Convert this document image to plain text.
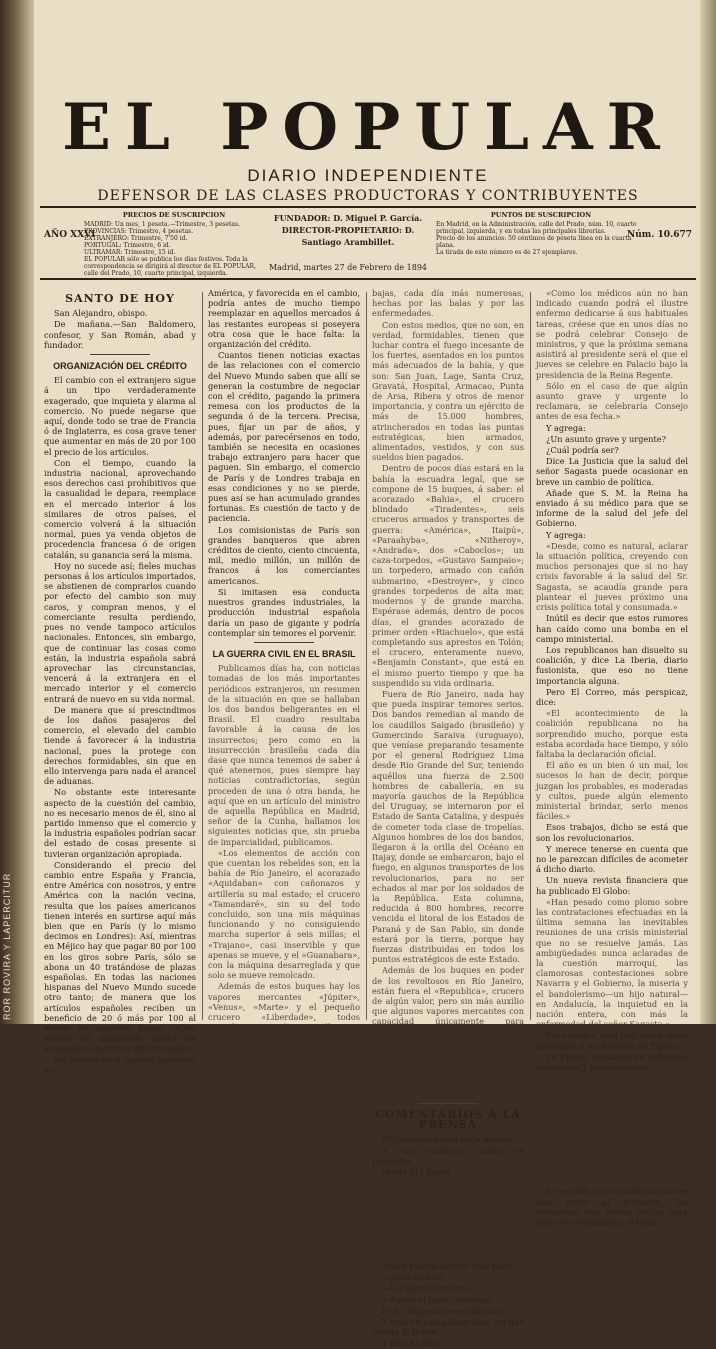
ROR ROVIRA Y LAPERCITUR
EL POPULAR
DIARIO INDEPENDIENTE
DEFENSOR DE LAS CLASES PRODUCTORAS Y CONTRIBUYENTES
AÑO XXVI
PRECIOS DE SUSCRIPCION
MADRID: Un mes, 1 peseta.—Trimestre, 3 pesetas.
PROVINCIAS: Trimestre, 4 pesetas.
EXTRANJERO: Trimestre, 7'50 id.
PORTUGAL: Trimestre, 6 id.
ULTRAMAR: Trimestre, 15 id.
EL POPULAR sólo se publica los días festivos. Toda la correspondencia se dirigirá al director de EL POPULAR, calle del Prado, 10, cuarto principal, izquierda.
FUNDADOR: D. Miguel P. García.
DIRECTOR-PROPIETARIO: D. Santiago Arambillet.
Madrid, martes 27 de Febrero de 1894
PUNTOS DE SUSCRIPCION
En Madrid, en la Administración, calle del Prado, núm. 10, cuarto principal, izquierda, y en todas las principales librerías.
Precio de los anuncios: 50 céntimos de peseta línea en la cuarta plana.
La tirada de este número es de 27 ejemplares.
Núm. 10.677
SANTO DE HOY

San Alejandro, obispo.

De mañana.—San Baldomero, confesor, y San Román, abad y fundador.

ORGANIZACIÓN DEL CRÉDITO

El cambio con el extranjero sigue á un tipo verdaderamente exagerado, que inquieta y alarma al comercio. No puede negarse que aquí, donde todo se trae de Francia ó de Inglaterra, es cosa grave tener que aumentar en más de 20 por 100 el precio de los artículos.

Con el tiempo, cuando la industria nacional, aprovechando esos derechos casi prohibitivos que la casualidad le depara, reemplace en el mercado interior á los similares de otros países, el comercio volverá á la situación normal, pues ya venda objetos de procedencia francesa ó de origen catalán, su ganancia será la misma.

Hoy no sucede así; fieles muchas personas á los artículos importados, se abstienen de comprarlos cuando por efecto del cambio son muy caros, y compran menos, y el comerciante resulta perdiendo, pues no vende tampoco artículos nacionales. Entonces, sin embargo, que de continuar las cosas como están, la industria española sabrá aprovechar las circunstancias, vencerá á la extranjera en el mercado interior y el comercio entrará de nuevo en su vida normal.

De manera que sí prescindimos de los daños pasajeros del comercio, el elevado del cambio tiende á favorecer á la industria nacional, pues la protege con derechos formidables, sin que en ello intervenga para nada el arancel de aduanas.

No obstante este interesante aspecto de la cuestión del cambio, no es necesario menos de él, sino al partido inmenso que el comercio y la industria españoles podrían sacar del estado de cosas presente si tuvieran organización apropiada.

Considerando el precio del cambio entre España y Francia, entre América con nosotros, y entre América con la nación vecina, resulta que los países americanos tienen interés en surtirse aquí más bien que en París (y lo mismo decimos en Londres): Así, mientras en Méjico hay que pagar 80 por 100 en los giros sobre París, sólo se abona un 40 tratándose de plazas españolas. En todas las naciones hispanas del Nuevo Mundo sucede otro tanto; de manera que los artículos españoles reciben un beneficio de 20 ó más por 100 al entrar en aquellos países. ¿Qué nación ha disfrutado nunca de semejantes derechos diferenciales?

No tendría rival nuestra industria en

América, y favorecida en el cambio, podría antes de mucho tiempo reemplazar en aquellos mercados á las restantes europeas si poseyera otra cosa que le hace falta: la organización del crédito.

Cuantos tienen noticias exactas de las relaciones con el comercio del Nuevo Mundo saben que allí se generan la costumbre de negociar con el crédito, pagando la primera remesa con los productos de la segunda ó de la tercera. Precisa, pues, fijar un par de años, y además, por parecérsenos en todo, también se necesita en ocasiones trabajo extranjero para hacer que paguen. Sin embargo, el comercio de París y de Londres trabaja en esas condiciones y no se pierde, pues así se han acumulado grandes fortunas. Es cuestión de tacto y de paciencia.

Los comisionistas de París son grandes banqueros que abren créditos de ciento, ciento cincuenta, mil, medio millón, un millón de francos á los comerciantes americanos.

Si imitasen esa conducta nuestros grandes industriales, la producción industrial española daría un paso de gigante y podría contemplar sin temores el porvenir.

LA GUERRA CIVIL EN EL BRASIL

Publicamos días ha, con noticias tomadas de los más importantes periódicos extranjeros, un resumen de la situación en que se hallaban los dos bandos beligerantes en el Brasil. El cuadro resultaba favorable á la causa de los insurrectos; pero como en la insurrección brasileña cada día dase que nunca tenemos de saber á qué atenernos, pues siempre hay noticias contradictorias, según proceden de una ó otra banda, he aquí que en un artículo del ministro de aquella República en Madrid, señor de la Cunha, hallamos los siguientes noticias que, sin prueba de imparcialidad, publicamos.

«Los elementos de acción con que cuentan los rebeldes son, en la bahía de Río Janeiro, el acorazado «Aquidaban» con cañonazos y artillería su mal estado; el crucero «Tamandaré», sin su del todo concluido, son una mis máquinas funcionando y no consiguiendo marcha superior á seis millas; el «Trajano», casi inservible y que apenas se mueve, y el «Guanabara», con la máquina desarreglada y que solo se mueve remolcado.

Además de estos buques hay los vapores mercantes «Júpiter», «Venus», «Marte» y el pequeño crucero «Liberdade», todos armados con cañones-revólvers y ametralladoras.

Tienen además en la bahía dos islas artilladas (las islas Cobras y de Villegagnon), con una fuerza de 400 hombres á lo menos, comprendiendo en este número unos 50 oficiales.

Esto es lo que tienen los insurrectos. Lo que no tienen es una pulgada de territorio en tierra firme, ni la mayor más de la bahía, ni del Gobernador (con cinco leguas de perímetro), que está ocupada por tropas del Gobierno; agua potable para sus necesidades, puesto que desde el agua saladas y era á surtirse de ella, cuando pueden, con grandes dificultades y peligros, en el río Macacú; víveres, que de ella son escasas, porque difícilmente pueden recibir algunos por contrabando y por el litoral de la bahía, todo en poder del Gobierno y nosotros, tampoco vigilados.

No pueden reparar los municiones consumidas; tampoco tienen medios de cubrir las

bajas, cada día más numerosas, hechas por las balas y por las enfermedades.

Con estos medios, que no son, en verdad, formidables, tienen que luchar contra el fuego incesante de los fuertes, asentados en los puntos más adecuados de la bahía, y que son: San Juan, Lage, Santa Cruz, Gravatá, Hospital, Armacao, Punta de Arsa, Ribera y otros de menor importancia, y contra un ejército de más de 15.000 hombres, atrincherados en todas las puntas estratégicas, bien armados, alimentados, vestidos, y con sus sueldos bien pagados.

Dentro de pocos días estará en la bahía la escuadra legal, que se compone de 15 buques, á saber: el acorazado «Bahia», el crucero blindado «Tiradentes», seis cruceros armados y transportes de guerra: «América», Itaipú», «Paraahyba», «Nitheroy», «Andrada», dos «Caboclos»; un caza-torpedos, «Gustavo Sampaio»; un torpedero, armado con cañón submarino, «Destroyer», y cinco grandes torpederos de alta mar, modernos y de grande marcha. Espérase además, dentro de pocos días, el grandes acorazado de primer orden «Riachuelo», que está completando sus aprestos en Tolón; el crucero, enteramente nuevo, «Benjamín Constant», que está en el mismo puerto tiempo y que ha suspendido su vida ordinaria.

Fuera de Río Janeiro, nada hay que pueda inspirar temores serios. Dos bandos remedian al mando de los caudillos Saigado (brasileño) y Gumercindo Saraiva (uruguayo), que veníase preparando tesamente por el general Rodríguez Lima desde Río Grande del Sur, teniendo aquéllos una fuerza de 2.500 hombres de caballería, en su mayoría gauchos de la República del Uruguay, se internaron por el Estado de Santa Catalina, y después de cometer toda clase de tropelías. Algunos hombres de los dos bandos, llegaron á la orilla del Océano en Itajay, donde se embarcaron, bajo el fuego, en algunos transportes de los revolucionarios, para no ser echados al mar por los soldados de la República. Esta columna, reducida á 800 hombres, recorre vencida el litoral de los Estados de Paraná y de San Pablo, sin donde estará por la tierra, porque hay fuerzas distribuidas en todos los puntos estratégicos de este Estado.

Además de los buques en poder de los revoltosos en Río Janeiro, están fuera el «Republica», crucero de algún valor, pero sin más auxilio que algunos vapores mercantes con capacidad únicamente para transportes.

El Gobierno cuenta con un ejército de 20.000 hombres en los Estados de Río Grande, Santa Catalina, Paraná y San Pablo, divididos en varias columnas, cuyos movimientos son combinados.»

COMENTARIOS Á LA PRENSA

El fusionismo está en la agonía.

Y, sin embargo, nadie se preocupa.

Habla El Liberal:

«Nada nuevo. Las mismas actitudes, iguales temores por parte de los ministeriales é idénticas preocupaciones por los fusionistas más ó menos importantes, que juzgan que la crisis del ministerio puede revestir los caracteres de una crisis del partido liberal.»

Ahora podría decirse muy bien:

—¿Qué es eso?

—Un partido muerto.

—Puede el baile continuar.

El Sr. Sagasta tiene calentura.

Y está en cama hace días, sin que remita la fiebre.

Y dice El Día:

«Como los médicos aún no han indicado cuando podrá el ilustre enfermo dedicarse á sus habituales tareas, créese que en unos días no se podrá celebrar Consejo de ministros, y que la próxima semana asistirá al presidente será el que el jueves se celebre en Palacio bajo la presidencia de la Reina Regente.

Sólo en el caso de que algún asunto grave y urgente lo reclamara, se celebraría Consejo antes de esa fecha.»

Y agrega:

¿Un asunto grave y urgente?

¿Cuál podría ser?

Dice La Justicia que la salud del señor Sagasta puede ocasionar en breve un cambio de política.

Añade que S. M. la Reina ha enviado á su médico para que se informe de la salud del jefe del Gobierno.

Y agrega:

«Desde, como es natural, aclarar la situación política, creyendo con muchos personajes que si no hay crisis favorable á la salud del Sr. Sagasta, se acaudía grande para plantear el jueves próximo una crisis política total y consumada.»

Inútil es decir que estos rumores han caído como una bomba en el campo ministerial.

Los republicanos han disuelto su coalición, y dice La Iberia, diario fusionista, que eso no tiene importancia alguna.

Pero El Correo, más perspicaz, dice:

«El acontecimiento de la coalición republicana no ha sorprendido mucho, porque esta estaba acordada hace tiempo, y sólo faltaba la declaración oficial.

El año es un bien ó un mal, los sucesos lo han de decir, porque juzgan los probables, es moderadas y cultos, puede algún elemento ministerial brindar, serlo menos fáciles.»

Esos trabajos, dicho se está que son los revolucionarios.

Y merece tenerse en cuenta que no le parezcan difíciles de acometer á dicho diario.

Un nueva revista financiera que ha publicado El Globo:

«Han pesado como plomo sobre las contrataciones efectuadas en la última semana las inevitables reuniones de una crisis ministerial que no se resuelve jamás. Las ambigüedades nunca aclaradas de la cuestión marroquí, las clamorosas contestaciones sobre Navarra y el Gobierno, la miseria y el bandolerismo—un hijo natural—en Andalucía, la inquietud en la nación entera, con más la enfermedad del señor Sagasta.»

Esas plagas, casi casi van á dejar tamañitas á las famosas de Egipto.

La Época, hablando de reformas, economías y presupuestos:

«Cuando las economías surgen de un plan maduramente concebido; de una reforma bien estudiada, la previsión evita perturbaciones en los servicios y lesión en los intereses de clase, más respetable á veces colectivos. Sólo son semejantes cautelas y con tan solícitas prudencias pueden ser realizables, efectivas y beneficiosas las economías del presupuesto.»

Es verdad; pero cuando no ocurre eso, como al presente, las economías son meras trallas para todos los organismos del país.
